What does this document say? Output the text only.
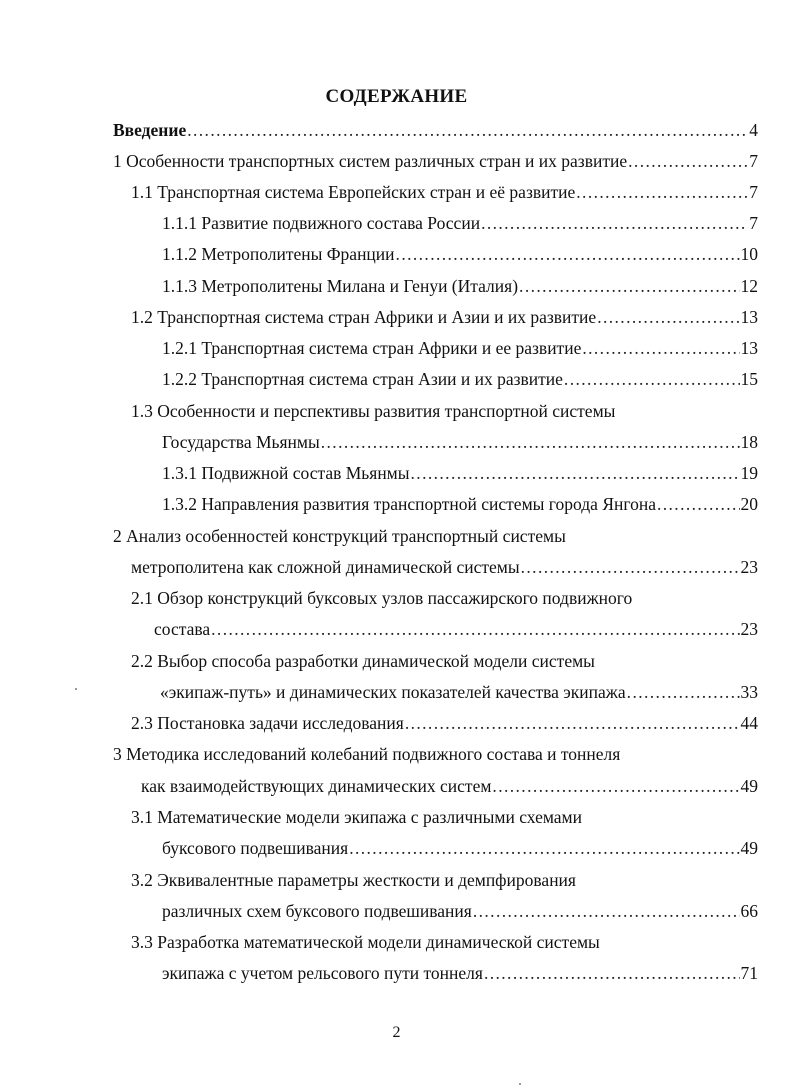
СОДЕРЖАНИЕ
Введение .....	4
1 Особенности транспортных систем различных стран и их развитие .....	7
1.1 Транспортная система Европейских стран и её развитие .....	7
1.1.1 Развитие подвижного состава России .....	7
1.1.2 Метрополитены Франции .....	10
1.1.3 Метрополитены Милана и Генуи (Италия) .....	12
1.2 Транспортная система стран Африки и Азии и их развитие .....	13
1.2.1 Транспортная система стран Африки и ее развитие .....	13
1.2.2 Транспортная система стран Азии и их развитие .....	15
1.3 Особенности и перспективы развития транспортной системы
Государства Мьянмы .....	18
1.3.1 Подвижной состав Мьянмы .....	19
1.3.2 Направления развития транспортной системы города Янгона .....	20
2 Анализ особенностей конструкций транспортный системы
метрополитена как сложной динамической системы .....	23
2.1 Обзор конструкций буксовых узлов пассажирского подвижного
состава .....	23
2.2 Выбор способа разработки динамической модели системы
«экипаж-путь» и динамических показателей качества экипажа .....	33
2.3 Постановка задачи исследования .....	44
3 Методика исследований колебаний подвижного состава и тоннеля
как взаимодействующих динамических систем .....	49
3.1 Математические модели экипажа с различными схемами
буксового подвешивания .....	49
3.2 Эквивалентные параметры жесткости и демпфирования
различных схем буксового подвешивания .....	66
3.3 Разработка математической модели динамической системы
экипажа с учетом рельсового пути тоннеля .....	71
2
